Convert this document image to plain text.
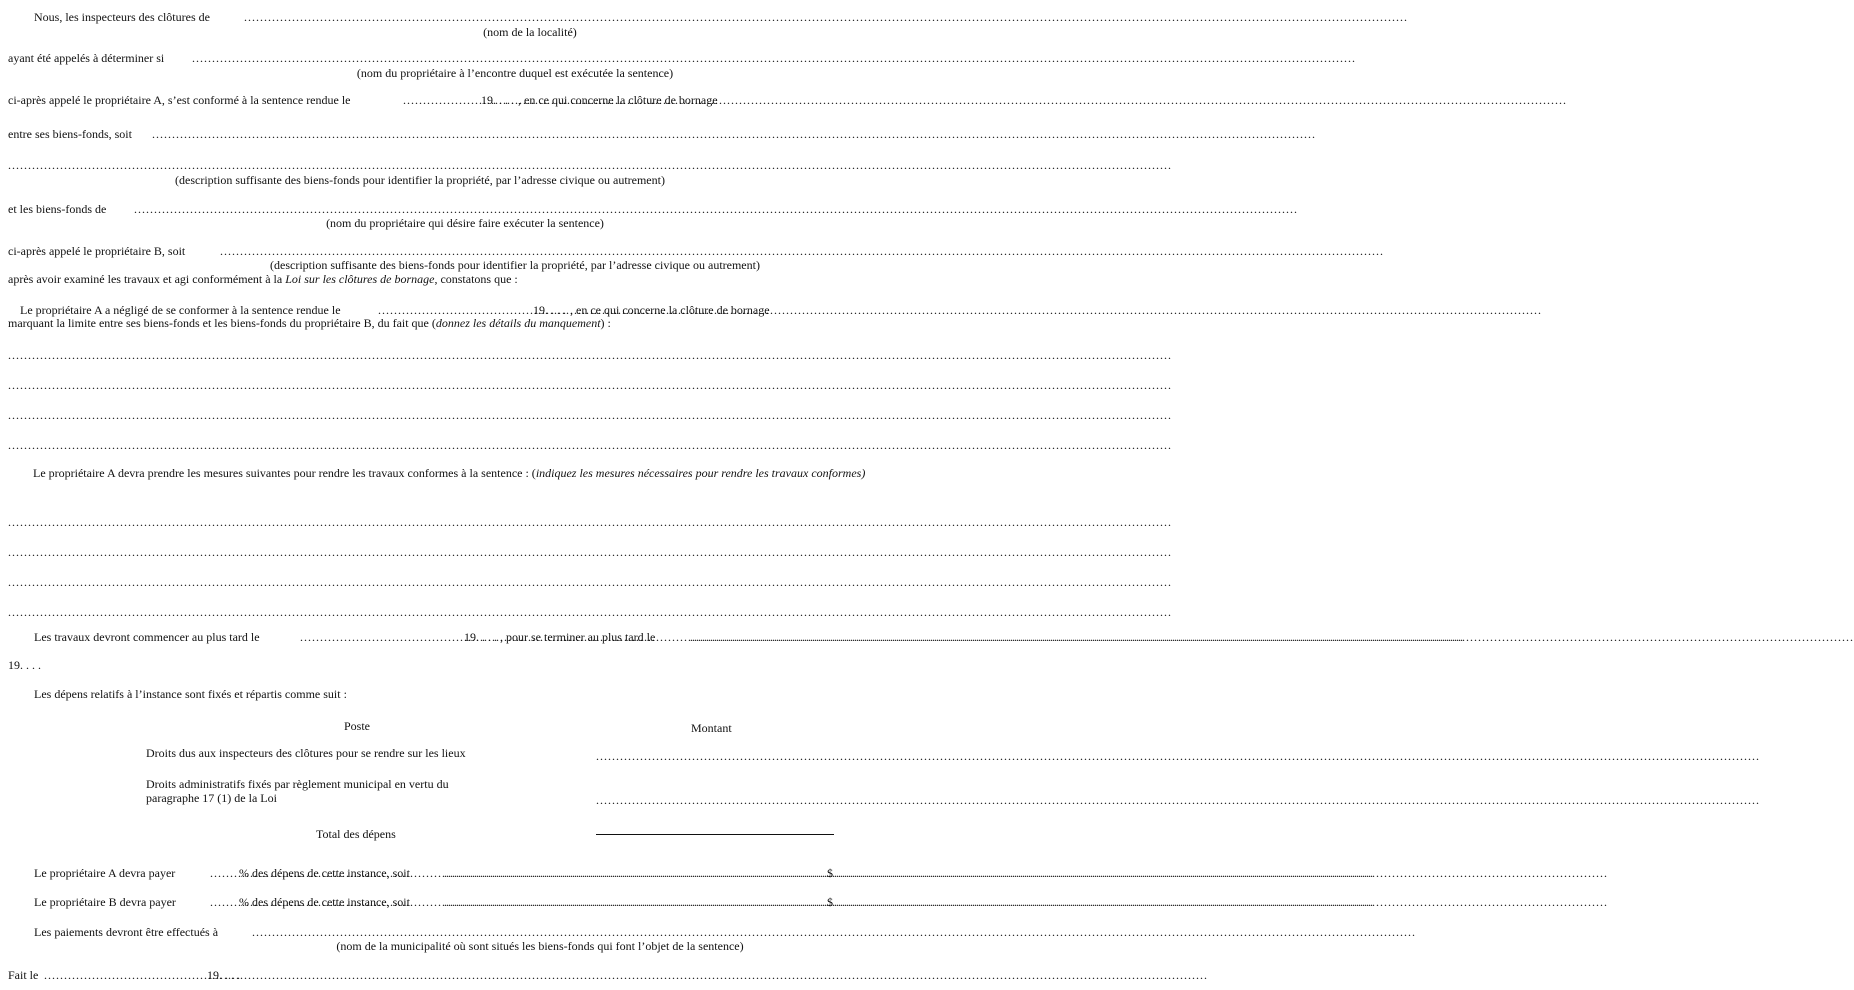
Nous, les inspecteurs des clôtures de
.....
(nom de la localité)
ayant été appelés à déterminer si
.....
(nom du propriétaire à l’encontre duquel est exécutée la sentence)
ci-après appelé le propriétaire A, s’est conformé à la sentence rendue le .....	19. . . . , en ce qui concerne la clôture de bornage
entre ses biens-fonds, soit
.....
.....
(description suffisante des biens-fonds pour identifier la propriété, par l’adresse civique ou autrement)
et les biens-fonds de
.....
(nom du propriétaire qui désire faire exécuter la sentence)
ci-après appelé le propriétaire B, soit
.....
(description suffisante des biens-fonds pour identifier la propriété, par l’adresse civique ou autrement)
après avoir examiné les travaux et agi conformément à la Loi sur les clôtures de bornage, constatons que :
Le propriétaire A a négligé de se conformer à la sentence rendue le .....	19. . . . , en ce qui concerne la clôture de bornage
marquant la limite entre ses biens-fonds et les biens-fonds du propriétaire B, du fait que (donnez les détails du manquement) :
.....
.....
.....
.....
Le propriétaire A devra prendre les mesures suivantes pour rendre les travaux conformes à la sentence : (indiquez les mesures nécessaires pour rendre les travaux conformes)
.....
.....
.....
.....
Les travaux devront commencer au plus tard le .....	19. . . . , pour se terminer au plus tard le
.....
19. . . .
Les dépens relatifs à l’instance sont fixés et répartis comme suit :
Poste	Montant
Droits dus aux inspecteurs des clôtures pour se rendre sur les lieux
.....
Droits administratifs fixés par règlement municipal en vertu du
paragraphe 17 (1) de la Loi
.....
Total des dépens
Le propriétaire A devra payer .....	% des dépens de cette instance, soit .....	$
Le propriétaire B devra payer .....	% des dépens de cette instance, soit .....	$
Les paiements devront être effectués à
.....
(nom de la municipalité où sont situés les biens-fonds qui font l’objet de la sentence)
Fait le .....	19. . . .
